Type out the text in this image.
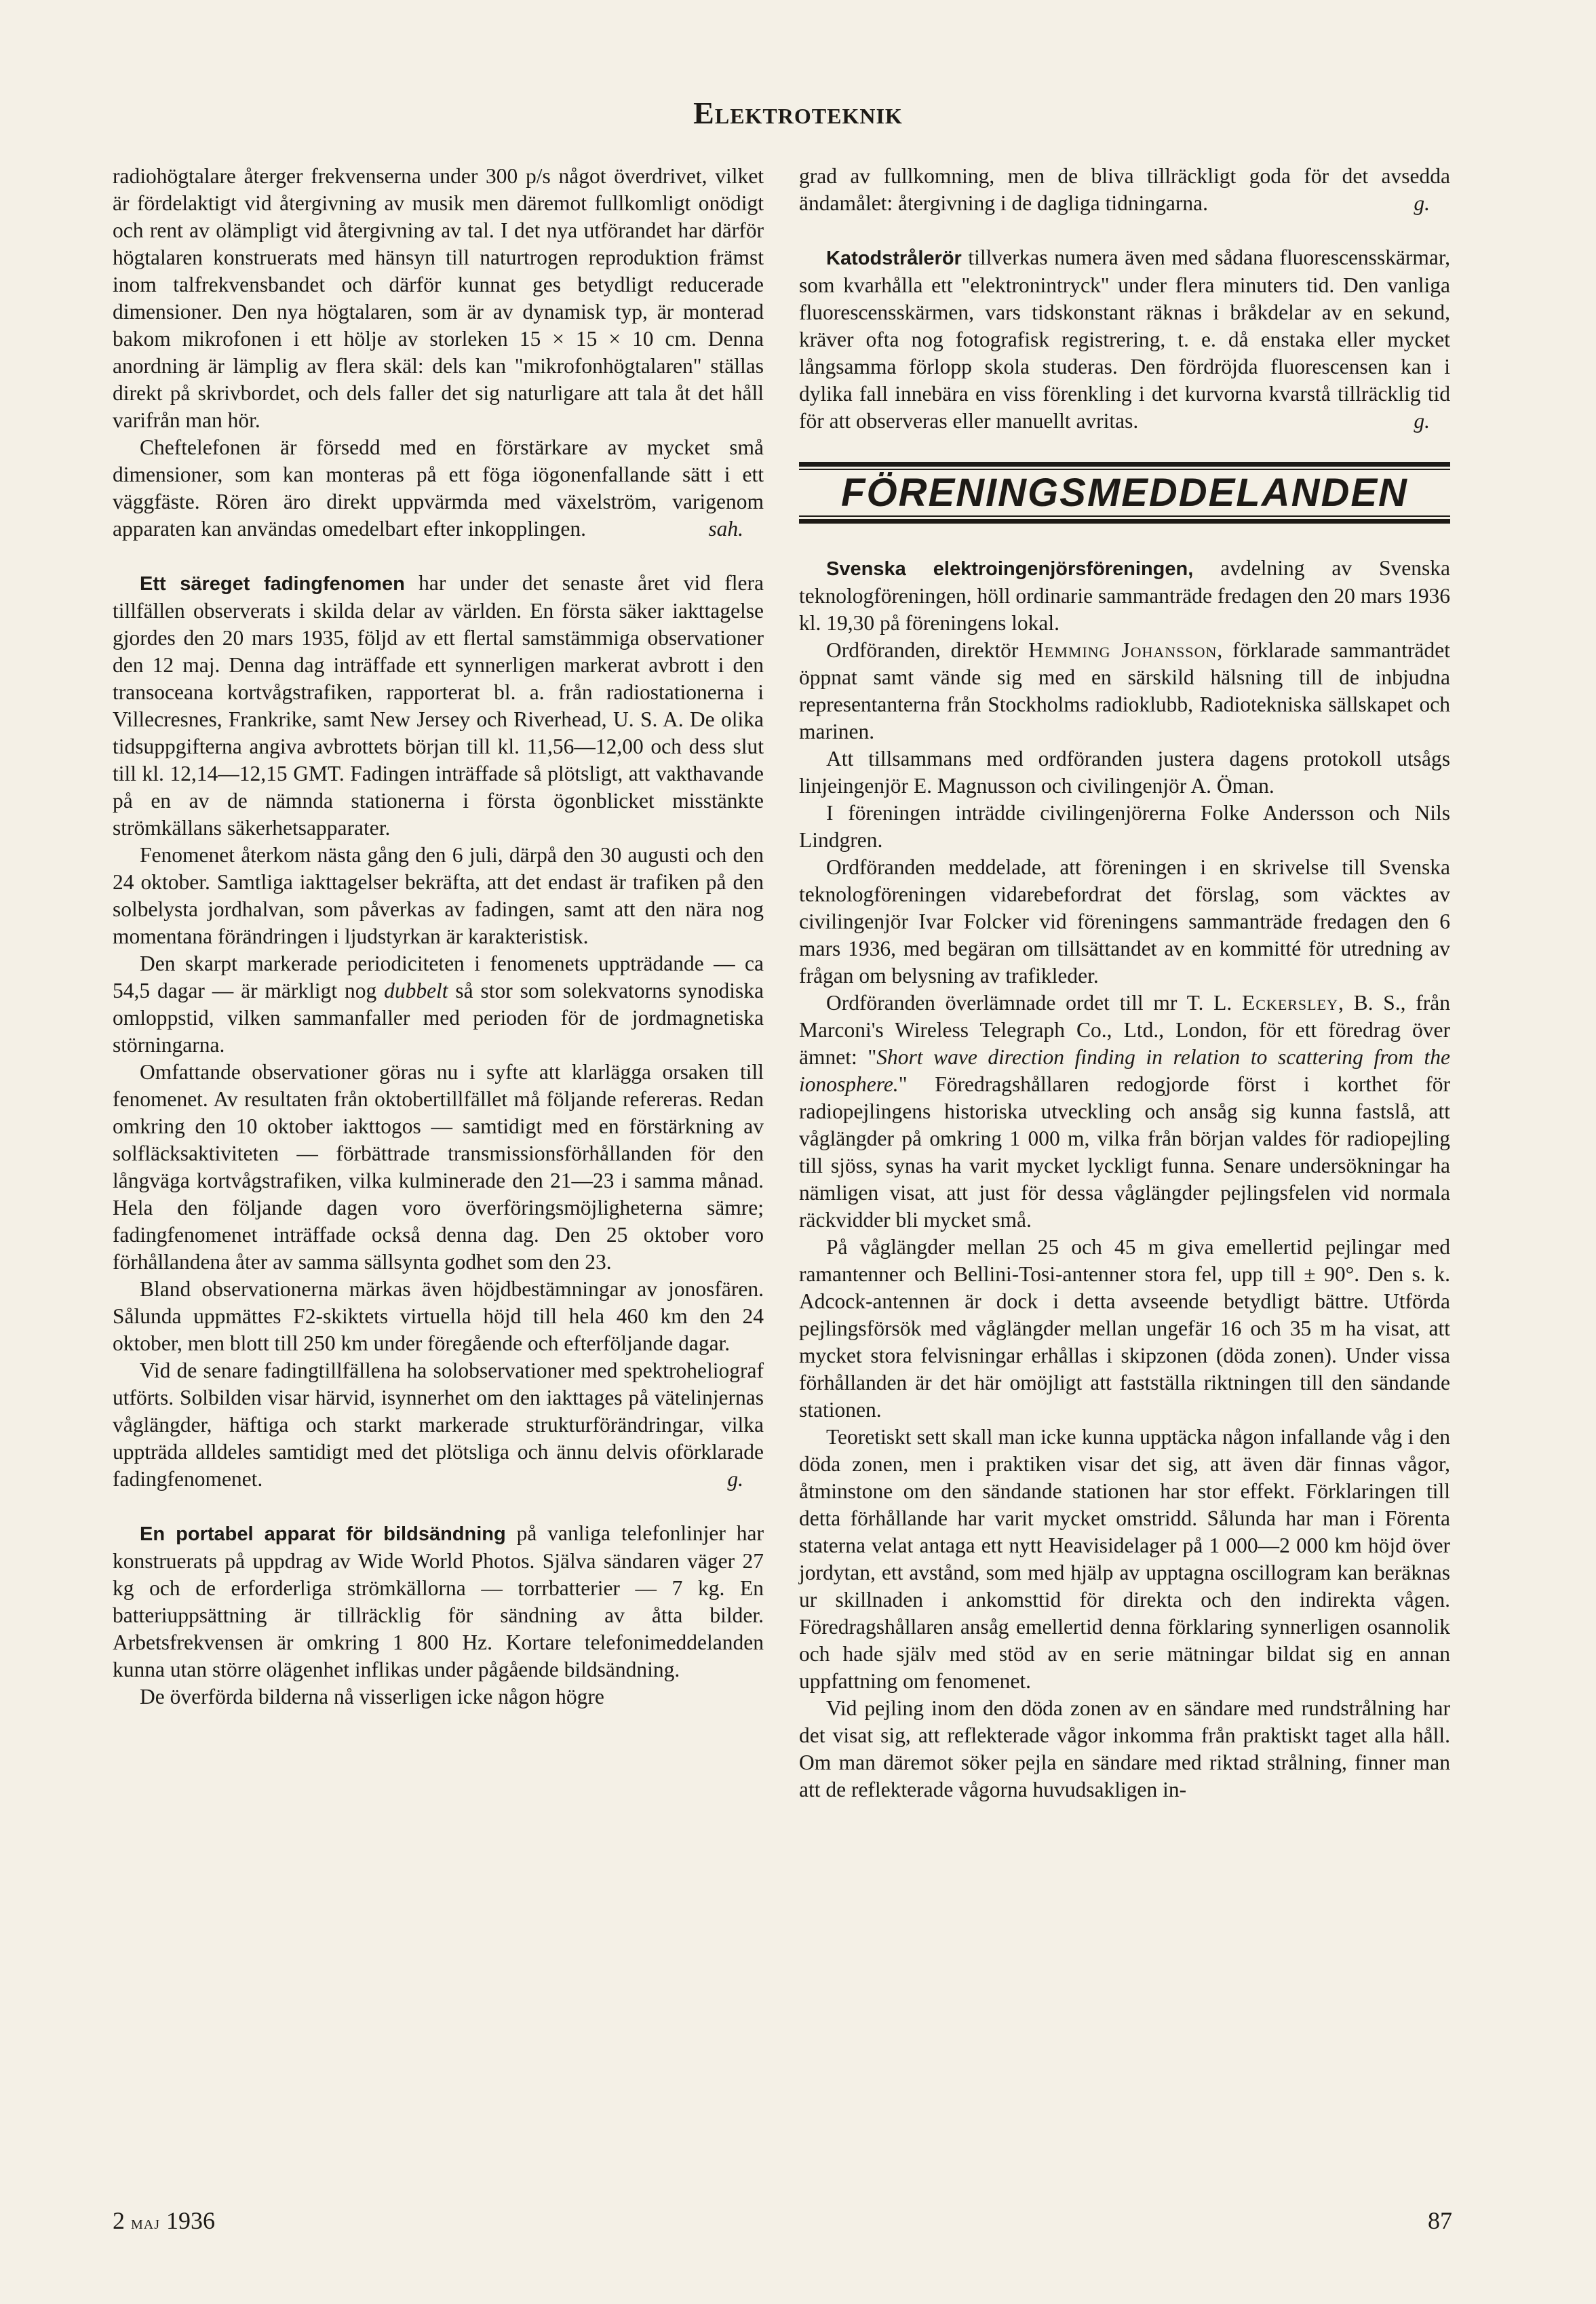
Elektroteknik

radiohögtalare återger frekvenserna under 300 p/s något överdrivet, vilket är fördelaktigt vid återgivning av musik men däremot fullkomligt onödigt och rent av olämpligt vid återgivning av tal. I det nya utförandet har därför högtalaren konstruerats med hänsyn till naturtrogen reproduktion främst inom talfrekvensbandet och därför kunnat ges betydligt reducerade dimensioner. Den nya högtalaren, som är av dynamisk typ, är monterad bakom mikrofonen i ett hölje av storleken 15 × 15 × 10 cm. Denna anordning är lämplig av flera skäl: dels kan "mikrofonhögtalaren" ställas direkt på skrivbordet, och dels faller det sig naturligare att tala åt det håll varifrån man hör.

Cheftelefonen är försedd med en förstärkare av mycket små dimensioner, som kan monteras på ett föga iögonenfallande sätt i ett väggfäste. Rören äro direkt uppvärmda med växelström, varigenom apparaten kan användas omedelbart efter inkopplingen.	sah.

Ett säreget fadingfenomen har under det senaste året vid flera tillfällen observerats i skilda delar av världen. En första säker iakttagelse gjordes den 20 mars 1935, följd av ett flertal samstämmiga observationer den 12 maj. Denna dag inträffade ett synnerligen markerat avbrott i den transoceana kortvågstrafiken, rapporterat bl. a. från radiostationerna i Villecresnes, Frankrike, samt New Jersey och Riverhead, U. S. A. De olika tidsuppgifterna angiva avbrottets början till kl. 11,56—12,00 och dess slut till kl. 12,14—12,15 GMT. Fadingen inträffade så plötsligt, att vakthavande på en av de nämnda stationerna i första ögonblicket misstänkte strömkällans säkerhetsapparater.

Fenomenet återkom nästa gång den 6 juli, därpå den 30 augusti och den 24 oktober. Samtliga iakttagelser bekräfta, att det endast är trafiken på den solbelysta jordhalvan, som påverkas av fadingen, samt att den nära nog momentana förändringen i ljudstyrkan är karakteristisk.

Den skarpt markerade periodiciteten i fenomenets uppträdande — ca 54,5 dagar — är märkligt nog dubbelt så stor som solekvatorns synodiska omloppstid, vilken sammanfaller med perioden för de jordmagnetiska störningarna.

Omfattande observationer göras nu i syfte att klarlägga orsaken till fenomenet. Av resultaten från oktobertillfället må följande refereras. Redan omkring den 10 oktober iakttogos — samtidigt med en förstärkning av solfläcksaktiviteten — förbättrade transmissionsförhållanden för den långväga kortvågstrafiken, vilka kulminerade den 21—23 i samma månad. Hela den följande dagen voro överföringsmöjligheterna sämre; fadingfenomenet inträffade också denna dag. Den 25 oktober voro förhållandena åter av samma sällsynta godhet som den 23.

Bland observationerna märkas även höjdbestämningar av jonosfären. Sålunda uppmättes F2-skiktets virtuella höjd till hela 460 km den 24 oktober, men blott till 250 km under föregående och efterföljande dagar.

Vid de senare fadingtillfällena ha solobservationer med spektroheliograf utförts. Solbilden visar härvid, isynnerhet om den iakttages på vätelinjernas våglängder, häftiga och starkt markerade strukturförändringar, vilka uppträda alldeles samtidigt med det plötsliga och ännu delvis oförklarade fadingfenomenet.	g.

En portabel apparat för bildsändning på vanliga telefonlinjer har konstruerats på uppdrag av Wide World Photos. Själva sändaren väger 27 kg och de erforderliga strömkällorna — torrbatterier — 7 kg. En batteriuppsättning är tillräcklig för sändning av åtta bilder. Arbetsfrekvensen är omkring 1 800 Hz. Kortare telefonimeddelanden kunna utan större olägenhet inflikas under pågående bildsändning.

De överförda bilderna nå visserligen icke någon högre

grad av fullkomning, men de bliva tillräckligt goda för det avsedda ändamålet: återgivning i de dagliga tidningarna.	g.

Katodstrålerör tillverkas numera även med sådana fluorescensskärmar, som kvarhålla ett "elektronintryck" under flera minuters tid. Den vanliga fluorescensskärmen, vars tidskonstant räknas i bråkdelar av en sekund, kräver ofta nog fotografisk registrering, t. e. då enstaka eller mycket långsamma förlopp skola studeras. Den fördröjda fluorescensen kan i dylika fall innebära en viss förenkling i det kurvorna kvarstå tillräcklig tid för att observeras eller manuellt avritas.	g.

FÖRENINGSMEDDELANDEN

Svenska elektroingenjörsföreningen, avdelning av Svenska teknologföreningen, höll ordinarie sammanträde fredagen den 20 mars 1936 kl. 19,30 på föreningens lokal.

Ordföranden, direktör Hemming Johansson, förklarade sammanträdet öppnat samt vände sig med en särskild hälsning till de inbjudna representanterna från Stockholms radioklubb, Radiotekniska sällskapet och marinen.

Att tillsammans med ordföranden justera dagens protokoll utsågs linjeingenjör E. Magnusson och civilingenjör A. Öman.

I föreningen inträdde civilingenjörerna Folke Andersson och Nils Lindgren.

Ordföranden meddelade, att föreningen i en skrivelse till Svenska teknologföreningen vidarebefordrat det förslag, som väcktes av civilingenjör Ivar Folcker vid föreningens sammanträde fredagen den 6 mars 1936, med begäran om tillsättandet av en kommitté för utredning av frågan om belysning av trafikleder.

Ordföranden överlämnade ordet till mr T. L. Eckersley, B. S., från Marconi's Wireless Telegraph Co., Ltd., London, för ett föredrag över ämnet: "Short wave direction finding in relation to scattering from the ionosphere." Föredragshållaren redogjorde först i korthet för radiopejlingens historiska utveckling och ansåg sig kunna fastslå, att våglängder på omkring 1 000 m, vilka från början valdes för radiopejling till sjöss, synas ha varit mycket lyckligt funna. Senare undersökningar ha nämligen visat, att just för dessa våglängder pejlingsfelen vid normala räckvidder bli mycket små.

På våglängder mellan 25 och 45 m giva emellertid pejlingar med ramantenner och Bellini-Tosi-antenner stora fel, upp till ± 90°. Den s. k. Adcock-antennen är dock i detta avseende betydligt bättre. Utförda pejlingsförsök med våglängder mellan ungefär 16 och 35 m ha visat, att mycket stora felvisningar erhållas i skipzonen (döda zonen). Under vissa förhållanden är det här omöjligt att fastställa riktningen till den sändande stationen.

Teoretiskt sett skall man icke kunna upptäcka någon infallande våg i den döda zonen, men i praktiken visar det sig, att även där finnas vågor, åtminstone om den sändande stationen har stor effekt. Förklaringen till detta förhållande har varit mycket omstridd. Sålunda har man i Förenta staterna velat antaga ett nytt Heavisidelager på 1 000—2 000 km höjd över jordytan, ett avstånd, som med hjälp av upptagna oscillogram kan beräknas ur skillnaden i ankomsttid för direkta och den indirekta vågen. Föredragshållaren ansåg emellertid denna förklaring synnerligen osannolik och hade själv med stöd av en serie mätningar bildat sig en annan uppfattning om fenomenet.

Vid pejling inom den döda zonen av en sändare med rundstrålning har det visat sig, att reflekterade vågor inkomma från praktiskt taget alla håll. Om man däremot söker pejla en sändare med riktad strålning, finner man att de reflekterade vågorna huvudsakligen in-

2 maj 1936	87
